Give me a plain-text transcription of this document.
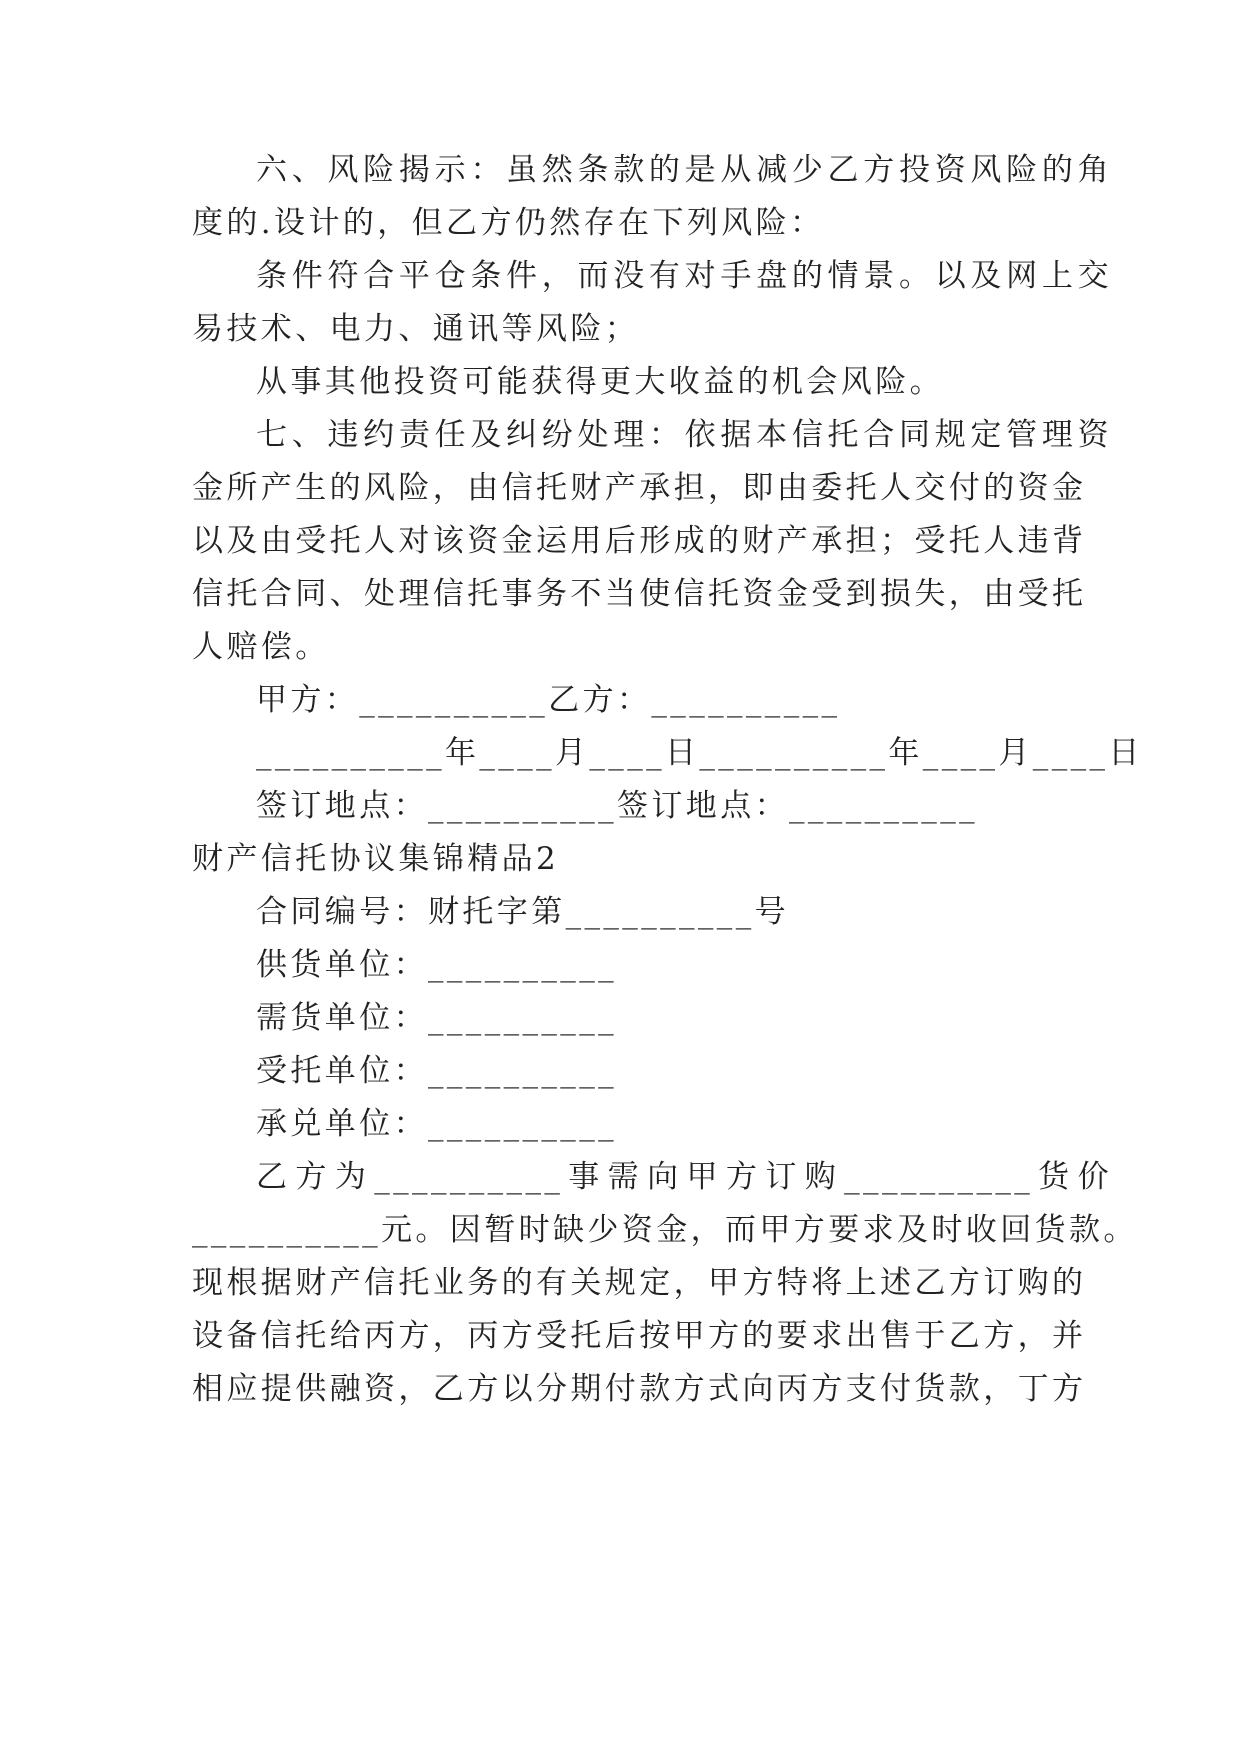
六、风险揭示：虽然条款的是从减少乙方投资风险的角
度的.设计的，但乙方仍然存在下列风险：
条件符合平仓条件，而没有对手盘的情景。以及网上交
易技术、电力、通讯等风险；
从事其他投资可能获得更大收益的机会风险。
七、违约责任及纠纷处理：依据本信托合同规定管理资
金所产生的风险，由信托财产承担，即由委托人交付的资金
以及由受托人对该资金运用后形成的财产承担；受托人违背
信托合同、处理信托事务不当使信托资金受到损失，由受托
人赔偿。
甲方：__________乙方：__________
__________年____月____日__________年____月____日
签订地点：__________签订地点：__________
财产信托协议集锦精品2
合同编号：财托字第__________号
供货单位：__________
需货单位：__________
受托单位：__________
承兑单位：__________
乙方为__________事需向甲方订购__________货价
__________元。因暂时缺少资金，而甲方要求及时收回货款。
现根据财产信托业务的有关规定，甲方特将上述乙方订购的
设备信托给丙方，丙方受托后按甲方的要求出售于乙方，并
相应提供融资，乙方以分期付款方式向丙方支付货款，丁方
